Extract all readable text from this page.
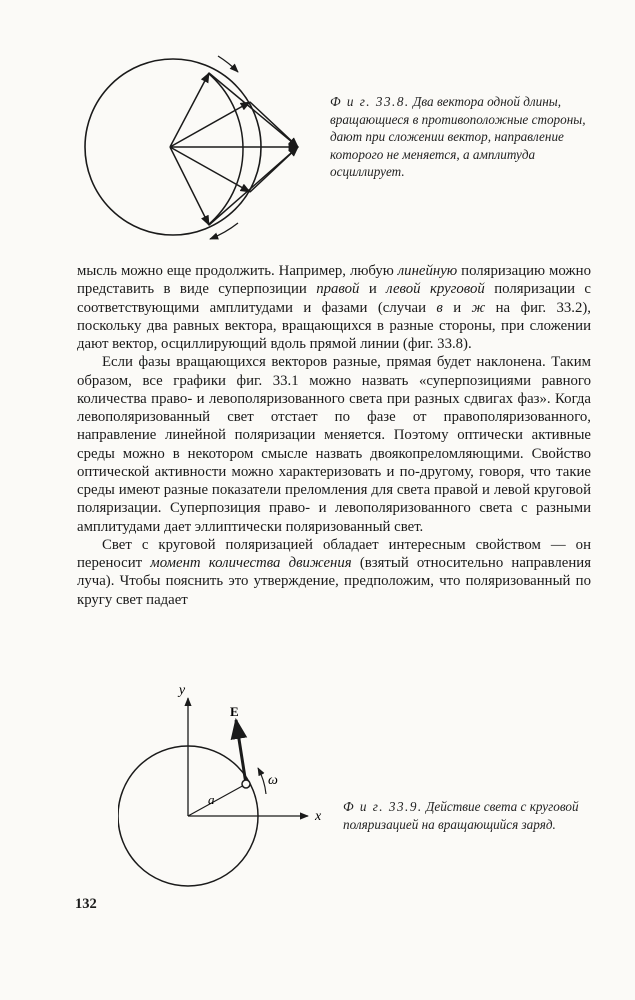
Ф и г. 33.8. Два вектора одной длины, вращающиеся в противоположные стороны, дают при сложении вектор, направление которого не меняется, а амплитуда осциллирует.

мысль можно еще продолжить. Например, любую линейную поляризацию можно представить в виде суперпозиции правой и левой круговой поляризации с соответствующими амплитудами и фазами (случаи в и ж на фиг. 33.2), поскольку два равных вектора, вращающихся в разные стороны, при сложении дают вектор, осциллирующий вдоль прямой линии (фиг. 33.8).

Если фазы вращающихся векторов разные, прямая будет наклонена. Таким образом, все графики фиг. 33.1 можно назвать «суперпозициями равного количества право- и левополяризованного света при разных сдвигах фаз». Когда левополяризованный свет отстает по фазе от правополяризованного, направление линейной поляризации меняется. Поэтому оптически активные среды можно в некотором смысле назвать двоякопреломляющими. Свойство оптической активности можно характеризовать и по-другому, говоря, что такие среды имеют разные показатели преломления для света правой и левой круговой поляризации. Суперпозиция право- и левополяризованного света с разными амплитудами дает эллиптически поляризованный свет.

Свет с круговой поляризацией обладает интересным свойством — он переносит момент количества движения (взятый относительно направления луча). Чтобы пояснить это утверждение, предположим, что поляризованный по кругу свет падает

y
x
E
a
ω
Ф и г. 33.9. Действие света с круговой поляризацией на вращающийся заряд.
132
